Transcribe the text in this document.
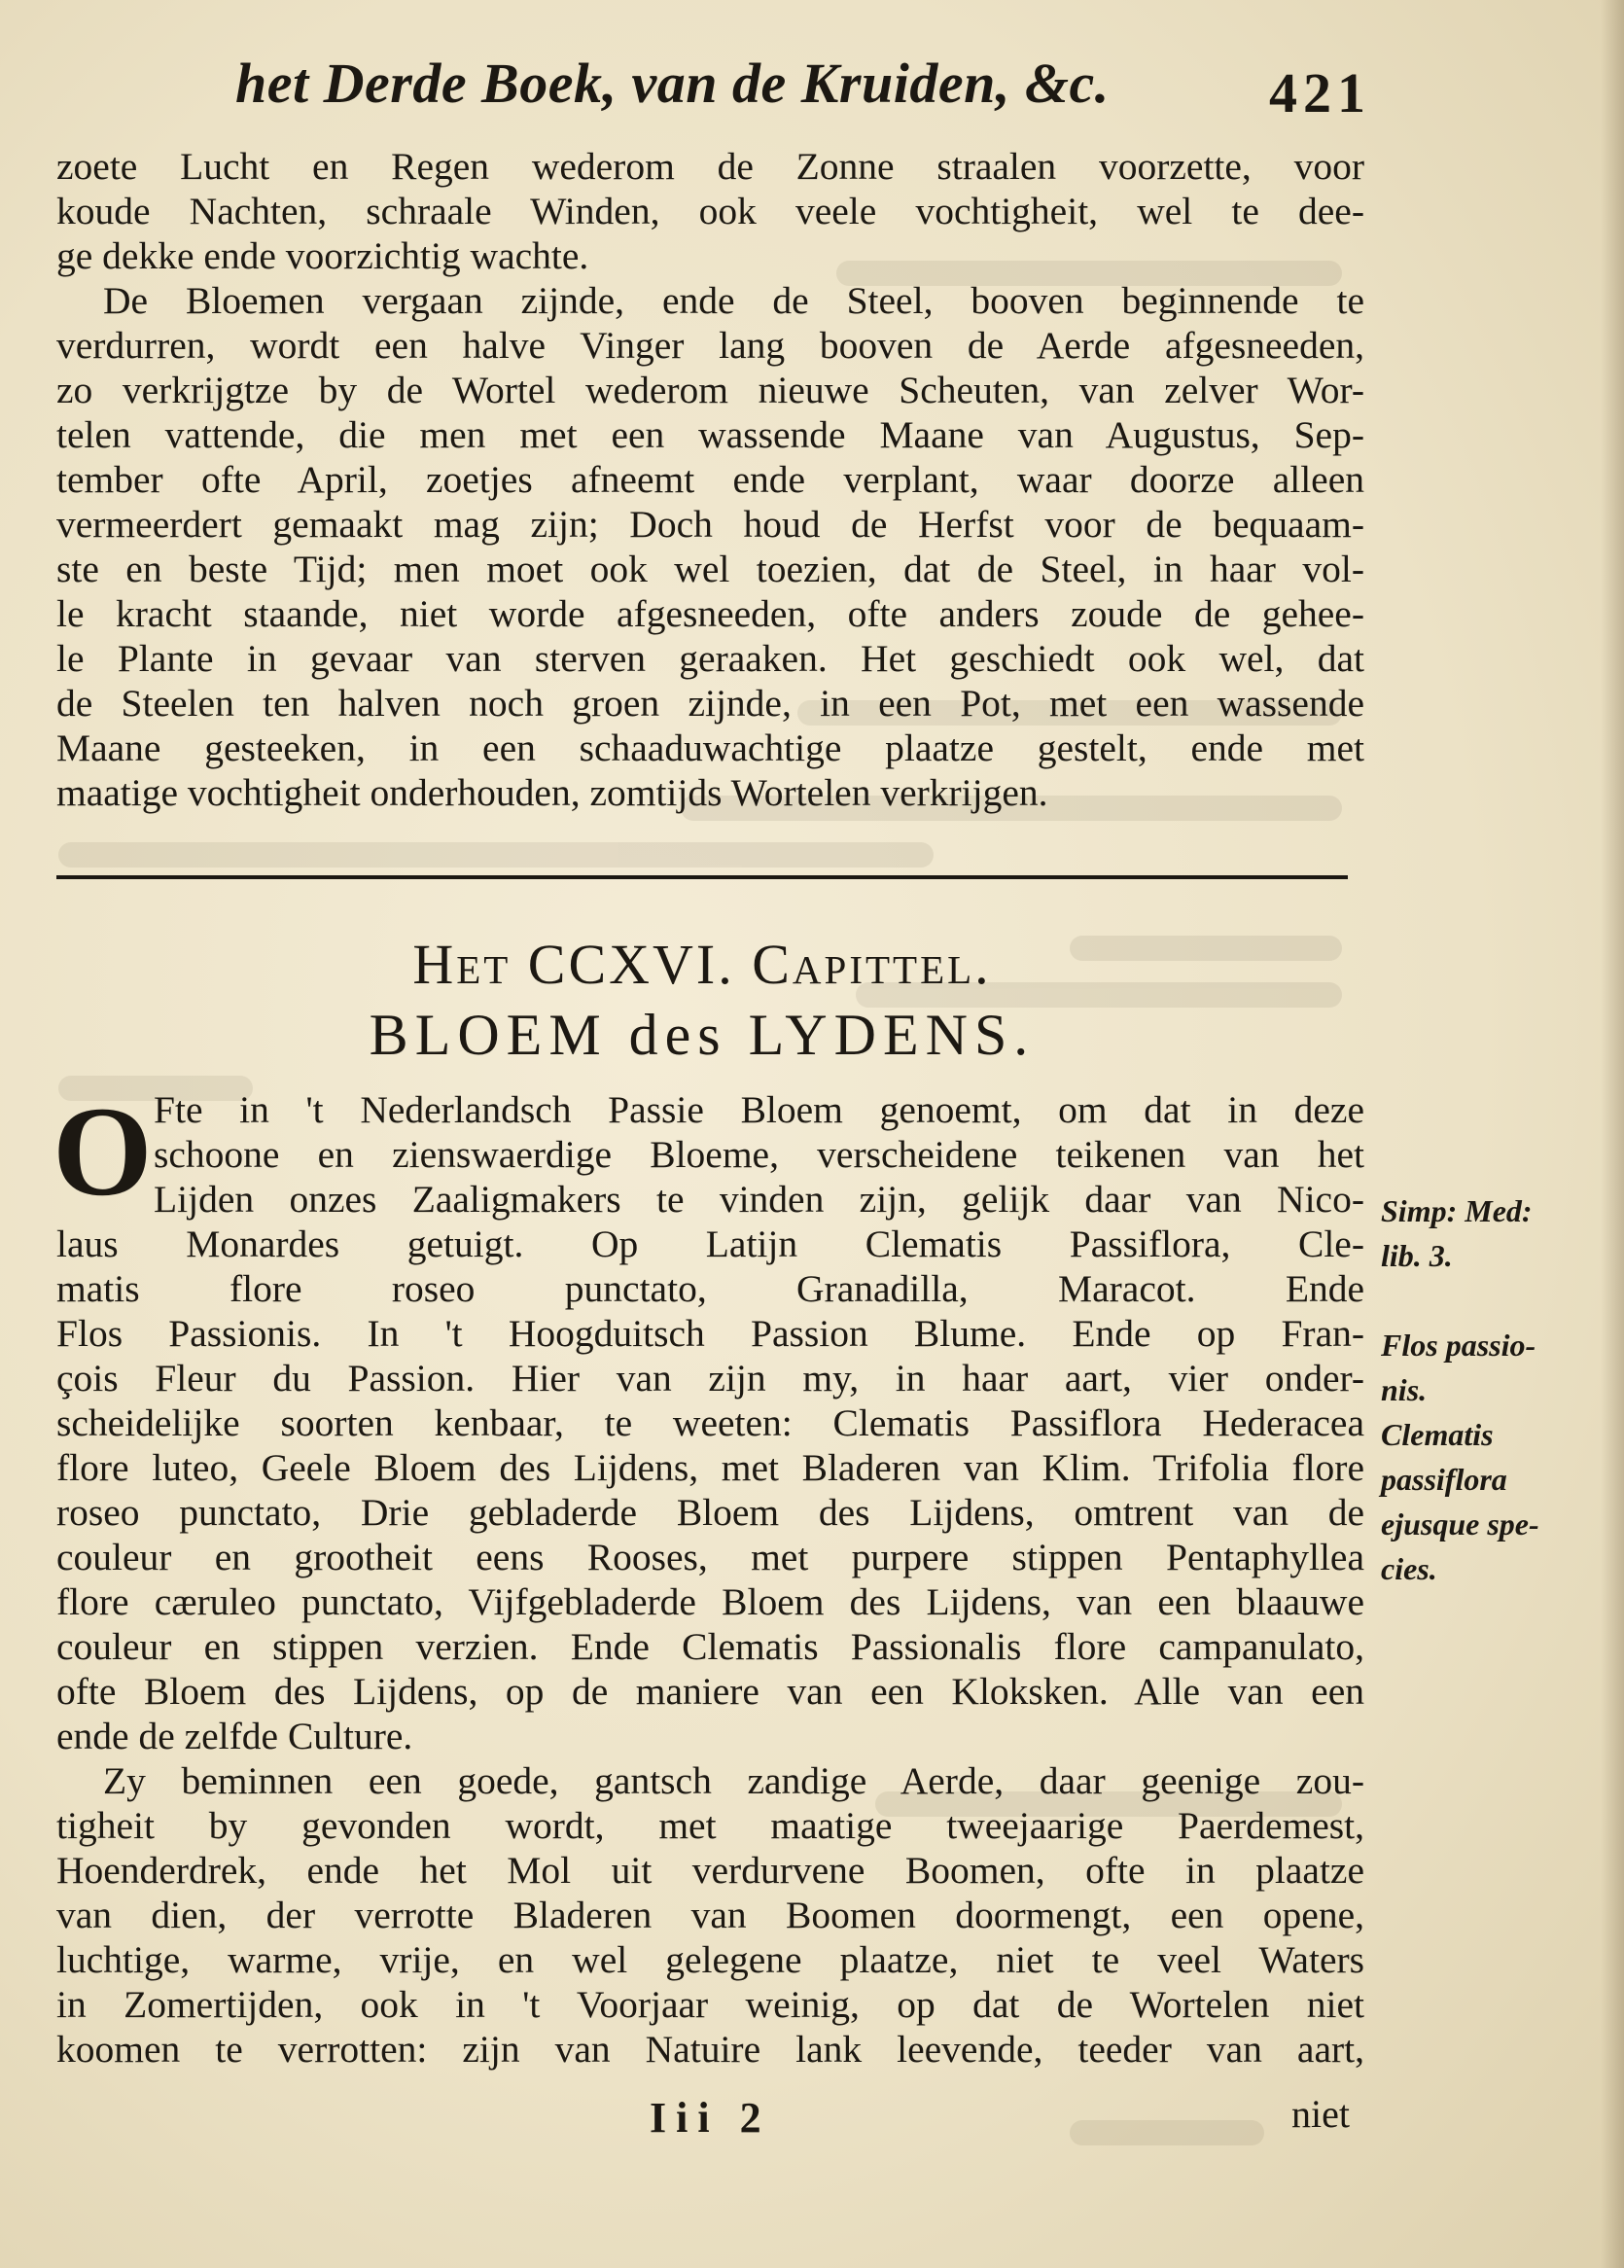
het Derde Boek, van de Kruiden, &c.	421
zoete Lucht en Regen wederom de Zonne straalen voorzette, voor
koude Nachten, schraale Winden, ook veele vochtigheit, wel te dee-
ge dekke ende voorzichtig wachte.
De Bloemen vergaan zijnde, ende de Steel, booven beginnende te
verdurren, wordt een halve Vinger lang booven de Aerde afgesneeden,
zo verkrijgtze by de Wortel wederom nieuwe Scheuten, van zelver Wor-
telen vattende, die men met een wassende Maane van Augustus, Sep-
tember ofte April, zoetjes afneemt ende verplant, waar doorze alleen
vermeerdert gemaakt mag zijn; Doch houd de Herfst voor de bequaam-
ste en beste Tijd; men moet ook wel toezien, dat de Steel, in haar vol-
le kracht staande, niet worde afgesneeden, ofte anders zoude de gehee-
le Plante in gevaar van sterven geraaken. Het geschiedt ook wel, dat
de Steelen ten halven noch groen zijnde, in een Pot, met een wassende
Maane gesteeken, in een schaaduwachtige plaatze gestelt, ende met
maatige vochtigheit onderhouden, zomtijds Wortelen verkrijgen.
Het CCXVI. Capittel.
BLOEM des LYDENS.
O Fte in 't Nederlandsch Passie Bloem genoemt, om dat in deze
schoone en zienswaerdige Bloeme, verscheidene teikenen van het
Lijden onzes Zaaligmakers te vinden zijn, gelijk daar van Nico-
laus Monardes getuigt. Op Latijn Clematis Passiflora, Cle-
matis flore roseo punctato, Granadilla, Maracot. Ende
Flos Passionis. In 't Hoogduitsch Passion Blume. Ende op Fran-
çois Fleur du Passion. Hier van zijn my, in haar aart, vier onder-
scheidelijke soorten kenbaar, te weeten: Clematis Passiflora Hederacea
flore luteo, Geele Bloem des Lijdens, met Bladeren van Klim. Trifolia flore
roseo punctato, Drie gebladerde Bloem des Lijdens, omtrent van de
couleur en grootheit eens Rooses, met purpere stippen Pentaphyllea
flore cæruleo punctato, Vijfgebladerde Bloem des Lijdens, van een blaauwe
couleur en stippen verzien. Ende Clematis Passionalis flore campanulato,
ofte Bloem des Lijdens, op de maniere van een Kloksken. Alle van een
ende de zelfde Culture.
Zy beminnen een goede, gantsch zandige Aerde, daar geenige zou-
tigheit by gevonden wordt, met maatige tweejaarige Paerdemest,
Hoenderdrek, ende het Mol uit verdurvene Boomen, ofte in plaatze
van dien, der verrotte Bladeren van Boomen doormengt, een opene,
luchtige, warme, vrije, en wel gelegene plaatze, niet te veel Waters
in Zomertijden, ook in 't Voorjaar weinig, op dat de Wortelen niet
koomen te verrotten: zijn van Natuire lank leevende, teeder van aart,
Simp: Med:
lib. 3.
Flos passio-
nis.
Clematis
passiflora
ejusque spe-
cies.
Iii 2	niet
